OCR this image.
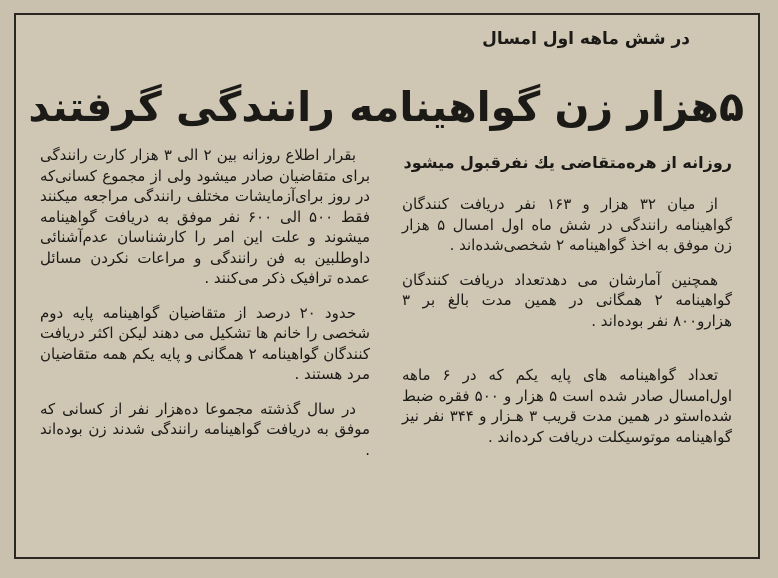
در شش ماهه اول امسال
۵هزار زن گواهینامه رانندگی گرفتند
روزانه از هره‌متقاضی یك نفرقبول میشود

از میان ۳۲ هزار و ۱۶۳ نفر دریافت کنندگان گواهینامه رانندگی در شش ماه اول امسال ۵ هزار زن موفق به اخذ گواهینامه ۲ شخصی‌شده‌اند .

همچنین آمارشان می دهدتعداد دریافت کنندگان گواهینامه ۲ همگانی در همین مدت بالغ بر ۳ هزارو۸۰۰ نفر بوده‌اند .

تعداد گواهینامه های پایه یکم که در ۶ ماهه اول‌امسال صادر شده است ۵ هزار و ۵۰۰ فقره ضبط شده‌استو در همین مدت قریب ۳ هـزار و ۳۴۴ نفر نیز گواهینامه موتوسیکلت دریافت کرده‌اند .

بقرار اطلاع روزانه بین ۲ الی ۳ هزار کارت رانندگی برای متقاضیان صادر میشود ولی از مجموع کسانی‌که در روز برای‌آزمایشات مختلف رانندگی مراجعه میکنند فقط ۵۰۰ الی ۶۰۰ نفر موفق به دریافت گواهینامه میشوند و علت این امر را کارشناسان عدم‌آشنائی داوطلبین به فن رانندگی و مراعات نکردن مسائل عمده ترافیک ذکر می‌کنند .

حدود ۲۰ درصد از متقاضیان گواهینامه پایه دوم شخصی را خانم ها تشکیل می دهند لیکن اکثر دریافت کنندگان گواهینامه ۲ همگانی و پایه یکم همه متقاضیان مرد هستند .

در سال گذشته مجموعا ده‌هزار نفر از کسانی که موفق به دریافت گواهینامه رانندگی شدند زن بوده‌اند .
